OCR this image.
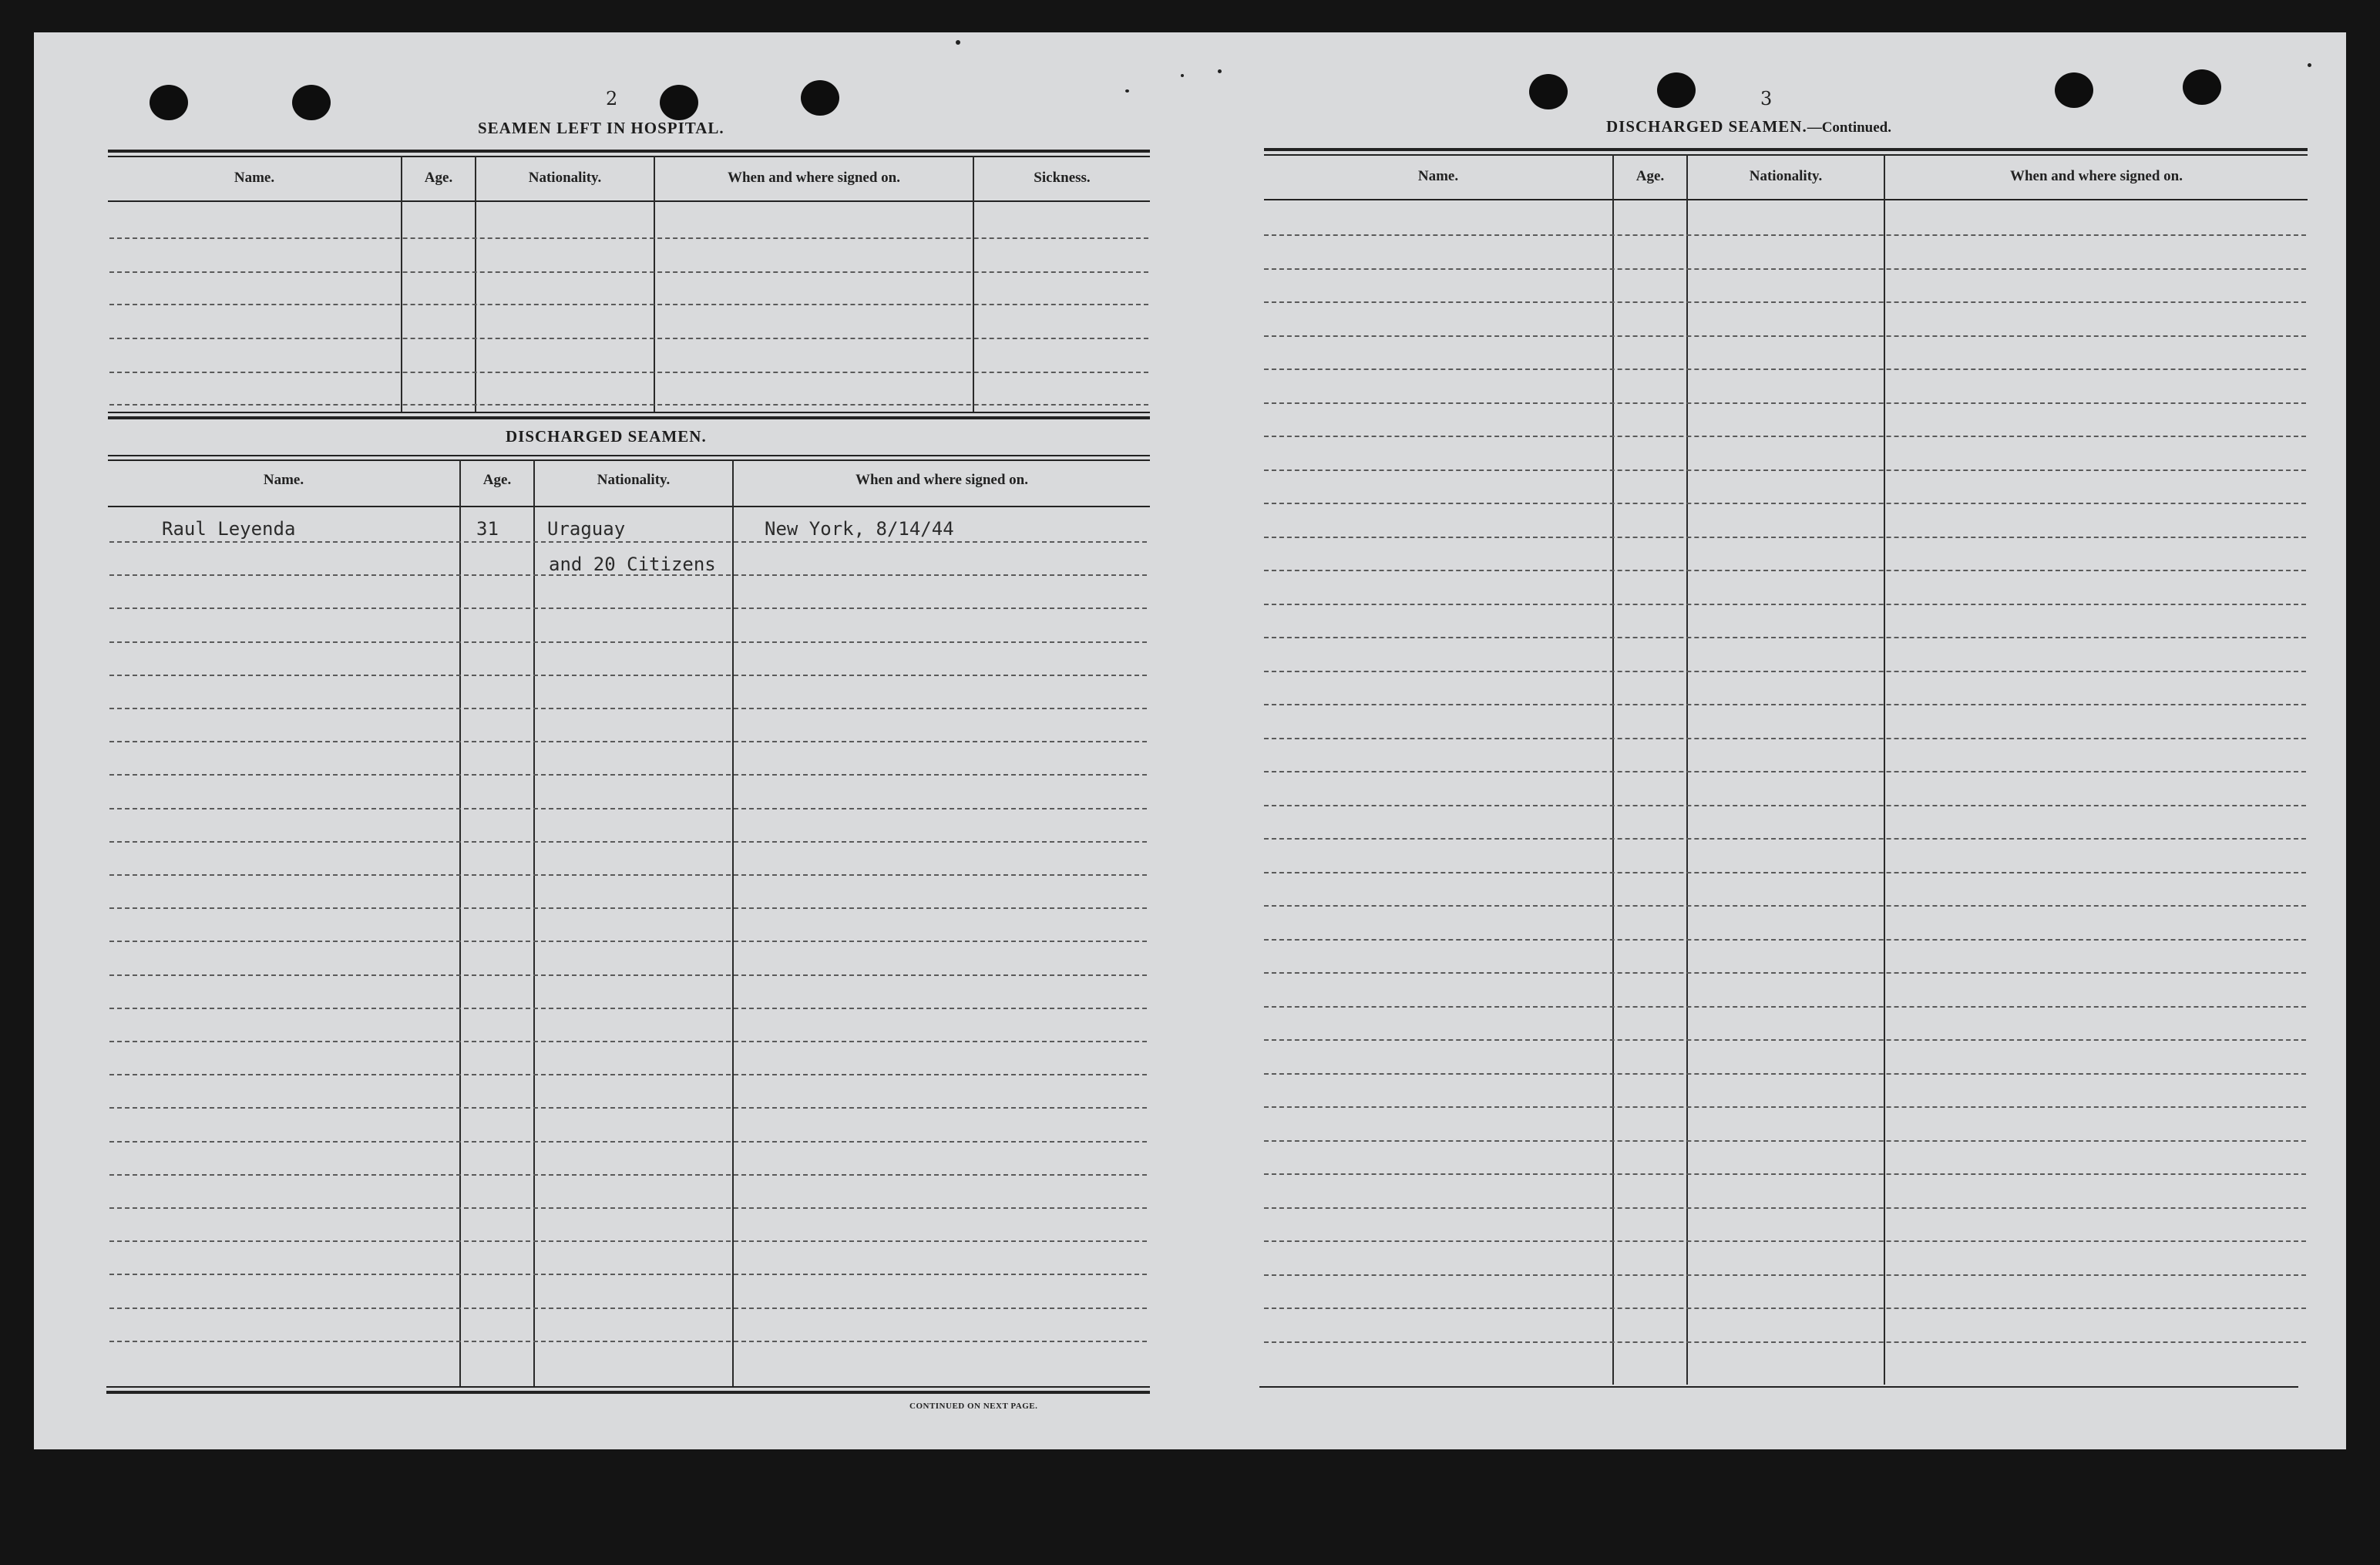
2
SEAMEN LEFT IN HOSPITAL.
Name.	Age.	Nationality.	When and where signed on.	Sickness.
DISCHARGED SEAMEN.
Name.	Age.	Nationality.	When and where signed on.
Raul Leyenda	31	Uraguay	New York, 8/14/44
and 20 Citizens
CONTINUED ON NEXT PAGE.
3
DISCHARGED SEAMEN.—Continued.
Name.	Age.	Nationality.	When and where signed on.
